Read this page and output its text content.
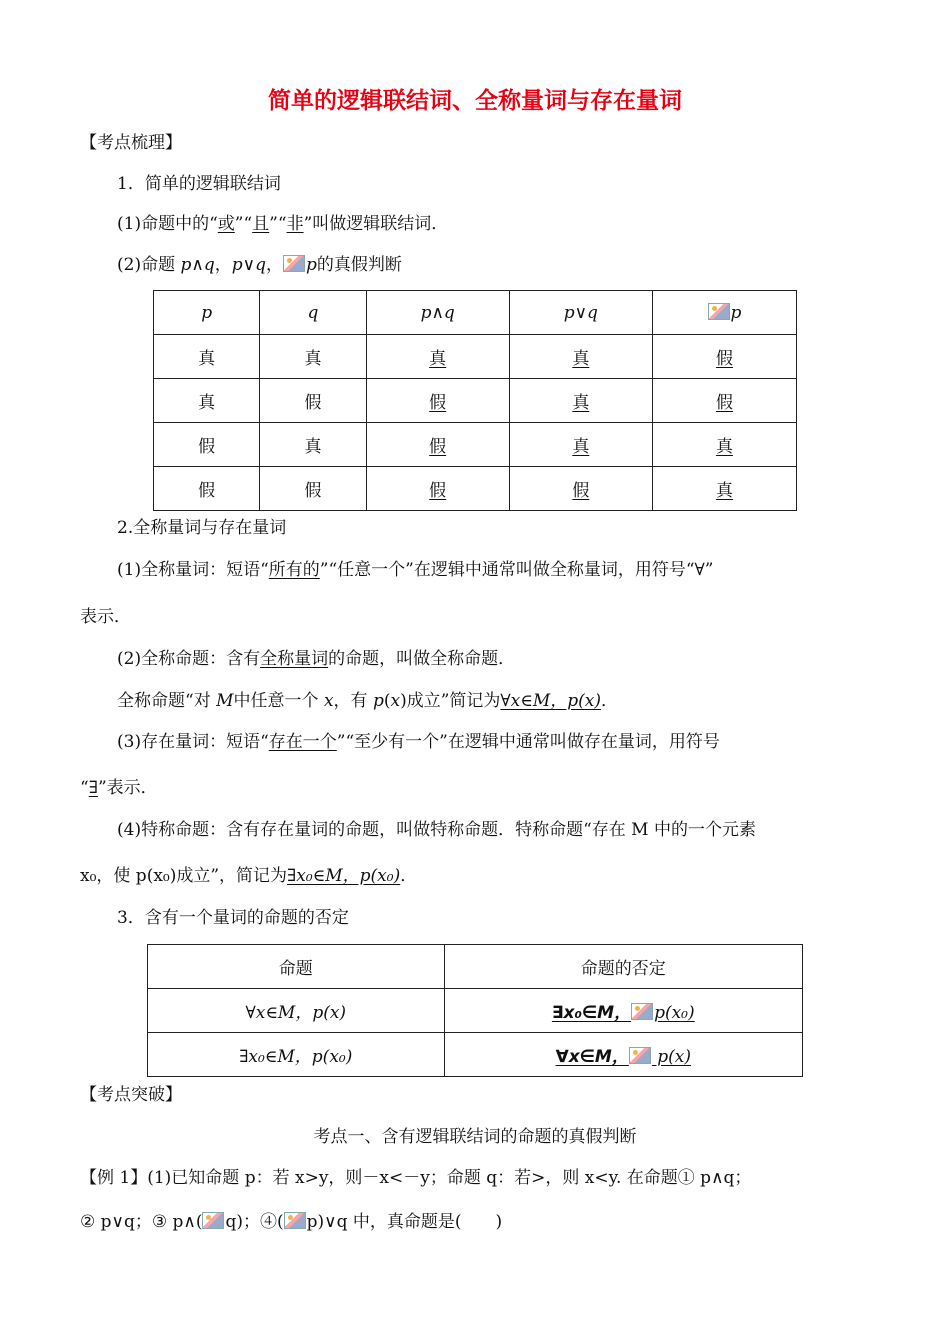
简单的逻辑联结词、全称量词与存在量词
【考点梳理】
1．简单的逻辑联结词
(1)命题中的“或”“且”“非”叫做逻辑联结词．
(2)命题 p∧q，p∨q， p的真假判断
p	q	p∧q	p∨q	p
真	真	真	真	假
真	假	假	真	假
假	真	假	真	真
假	假	假	假	真
2.全称量词与存在量词
(1)全称量词：短语“所有的”“任意一个”在逻辑中通常叫做全称量词，用符号“∀”
表示．
(2)全称命题：含有全称量词的命题，叫做全称命题．
全称命题“对 M中任意一个 x，有 p(x)成立”简记为∀x∈M，p(x)．
(3)存在量词：短语“存在一个”“至少有一个”在逻辑中通常叫做存在量词，用符号
“∃”表示．
(4)特称命题：含有存在量词的命题，叫做特称命题．特称命题“存在 M 中的一个元素
x₀，使 p(x₀)成立”，简记为∃x₀∈M，p(x₀)．
3．含有一个量词的命题的否定
命题	命题的否定
∀x∈M，p(x)	∃x₀∈M， p(x₀)
∃x₀∈M，p(x₀)	∀x∈M， p(x)
【考点突破】
考点一、含有逻辑联结词的命题的真假判断
【例 1】(1)已知命题 p：若 x>y，则－x<－y；命题 q：若>，则 x<y. 在命题① p∧q；
② p∨q；③ p∧( q)；④( p)∨q 中，真命题是(　　)
